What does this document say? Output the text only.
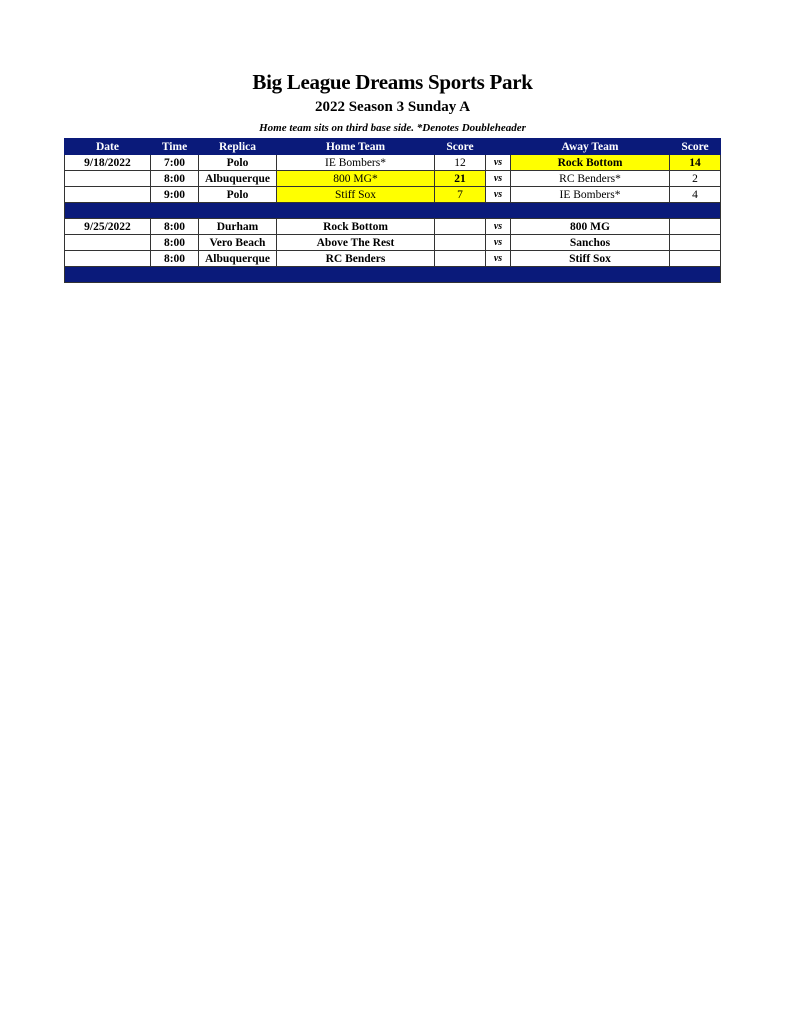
Big League Dreams Sports Park
2022 Season 3 Sunday A
Home team sits on third base side. *Denotes Doubleheader
Date	Time	Replica	Home Team	Score		Away Team	Score
9/18/2022	7:00	Polo	IE Bombers*	12	vs	Rock Bottom	14
	8:00	Albuquerque	800 MG*	21	vs	RC Benders*	2
	9:00	Polo	Stiff Sox	7	vs	IE Bombers*	4

9/25/2022	8:00	Durham	Rock Bottom		vs	800 MG	
	8:00	Vero Beach	Above The Rest		vs	Sanchos	
	8:00	Albuquerque	RC Benders		vs	Stiff Sox	
